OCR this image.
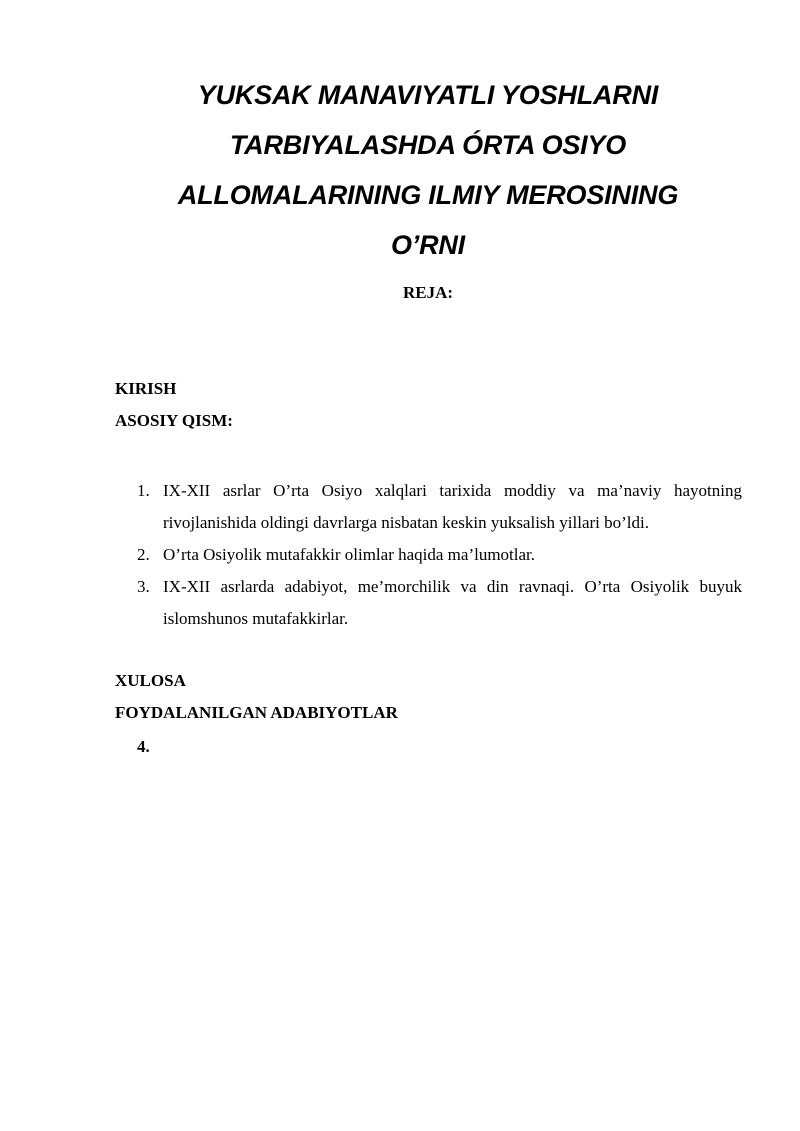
YUKSAK MANAVIYATLI YOSHLARNI
TARBIYALASHDA ÓRTA OSIYO
ALLOMALARINING ILMIY MEROSINING
O’RNI
REJA:

KIRISH

ASOSIY QISM:

1. IX-XII asrlar O’rta Osiyo xalqlari tarixida moddiy va ma’naviy hayotning rivojlanishida oldingi davrlarga nisbatan keskin yuksalish yillari bo’ldi.
2. O’rta Osiyolik mutafakkir olimlar haqida ma’lumotlar.
3. IX-XII asrlarda adabiyot, me’morchilik va din ravnaqi. O’rta Osiyolik buyuk islomshunos mutafakkirlar.

XULOSA

FOYDALANILGAN ADABIYOTLAR

4.
